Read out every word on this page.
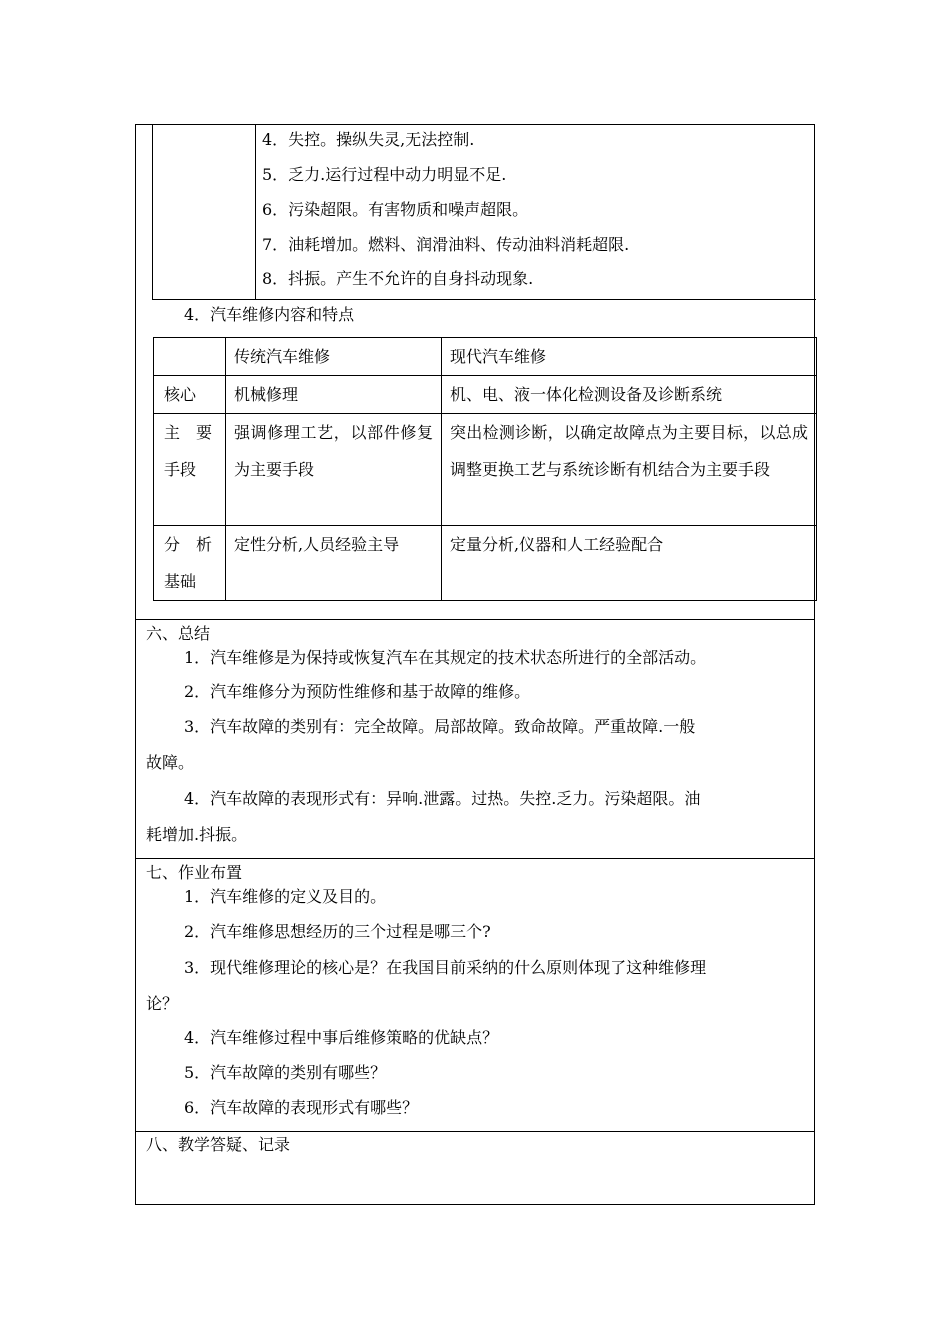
4．失控。操纵失灵,无法控制.
5．乏力.运行过程中动力明显不足.
6．污染超限。有害物质和噪声超限。
7．油耗增加。燃料、润滑油料、传动油料消耗超限.
8．抖振。产生不允许的自身抖动现象.
4．汽车维修内容和特点
	传统汽车维修	现代汽车维修
核心	机械修理	机、电、液一体化检测设备及诊断系统

主　要
手段	强调修理工艺，以部件修复为主要手段	突出检测诊断，以确定故障点为主要目标，以总成调整更换工艺与系统诊断有机结合为主要手段

分　析
基础	定性分析,人员经验主导	定量分析,仪器和人工经验配合
六、总结
1．汽车维修是为保持或恢复汽车在其规定的技术状态所进行的全部活动。
2．汽车维修分为预防性维修和基于故障的维修。
3．汽车故障的类别有：完全故障。局部故障。致命故障。严重故障.一般
故障。
4．汽车故障的表现形式有：异响.泄露。过热。失控.乏力。污染超限。油
耗增加.抖振。
七、作业布置
1．汽车维修的定义及目的。
2．汽车维修思想经历的三个过程是哪三个?
3．现代维修理论的核心是？在我国目前采纳的什么原则体现了这种维修理
论？
4．汽车维修过程中事后维修策略的优缺点？
5．汽车故障的类别有哪些？
6．汽车故障的表现形式有哪些？
八、教学答疑、记录
